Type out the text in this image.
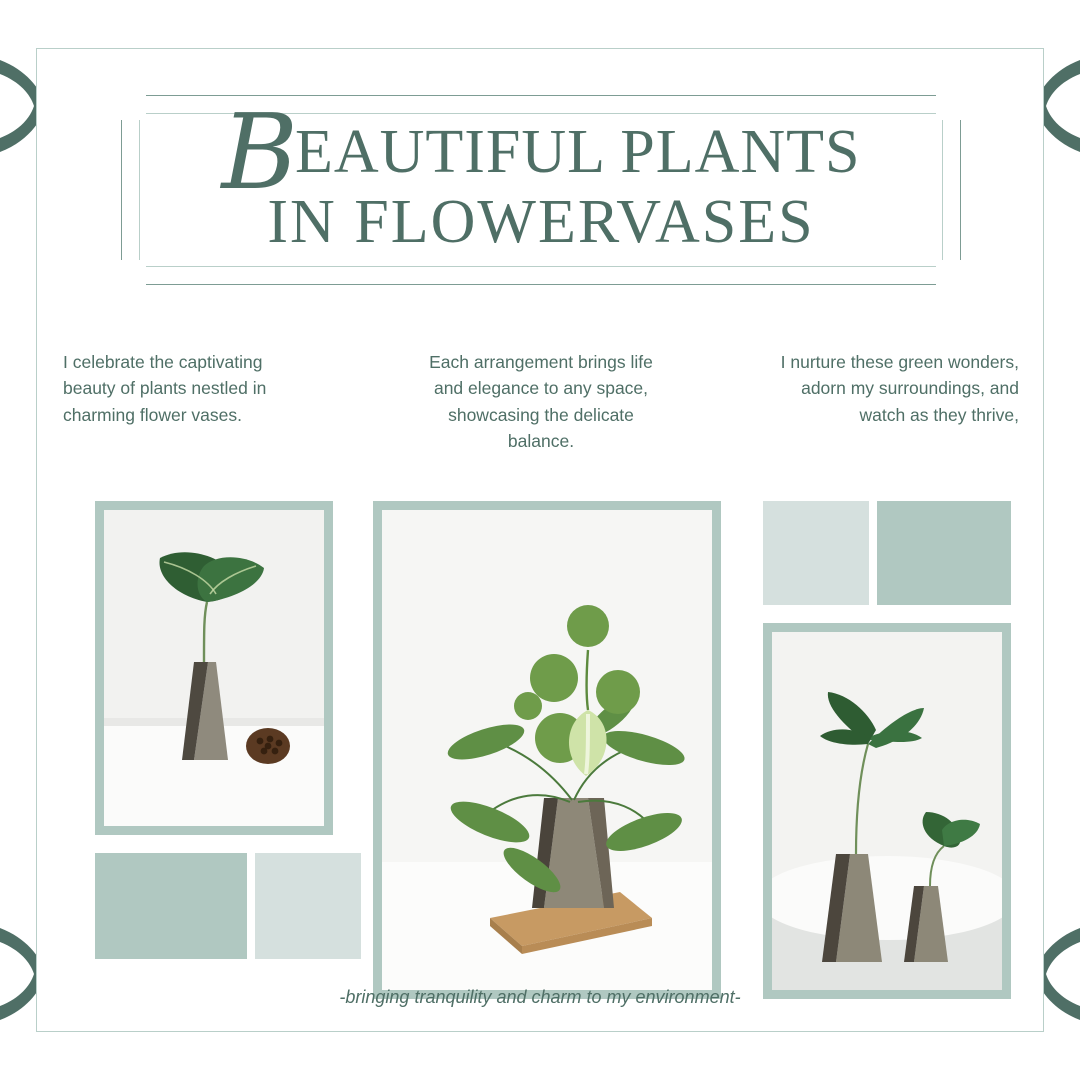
BEAUTIFUL PLANTS
IN FLOWERVASES
I celebrate the captivating beauty of plants nestled in charming flower vases.
Each arrangement brings life and elegance to any space, showcasing the delicate balance.
I nurture these green wonders, adorn my surroundings, and watch as they thrive,
-bringing tranquility and charm to my environment-
